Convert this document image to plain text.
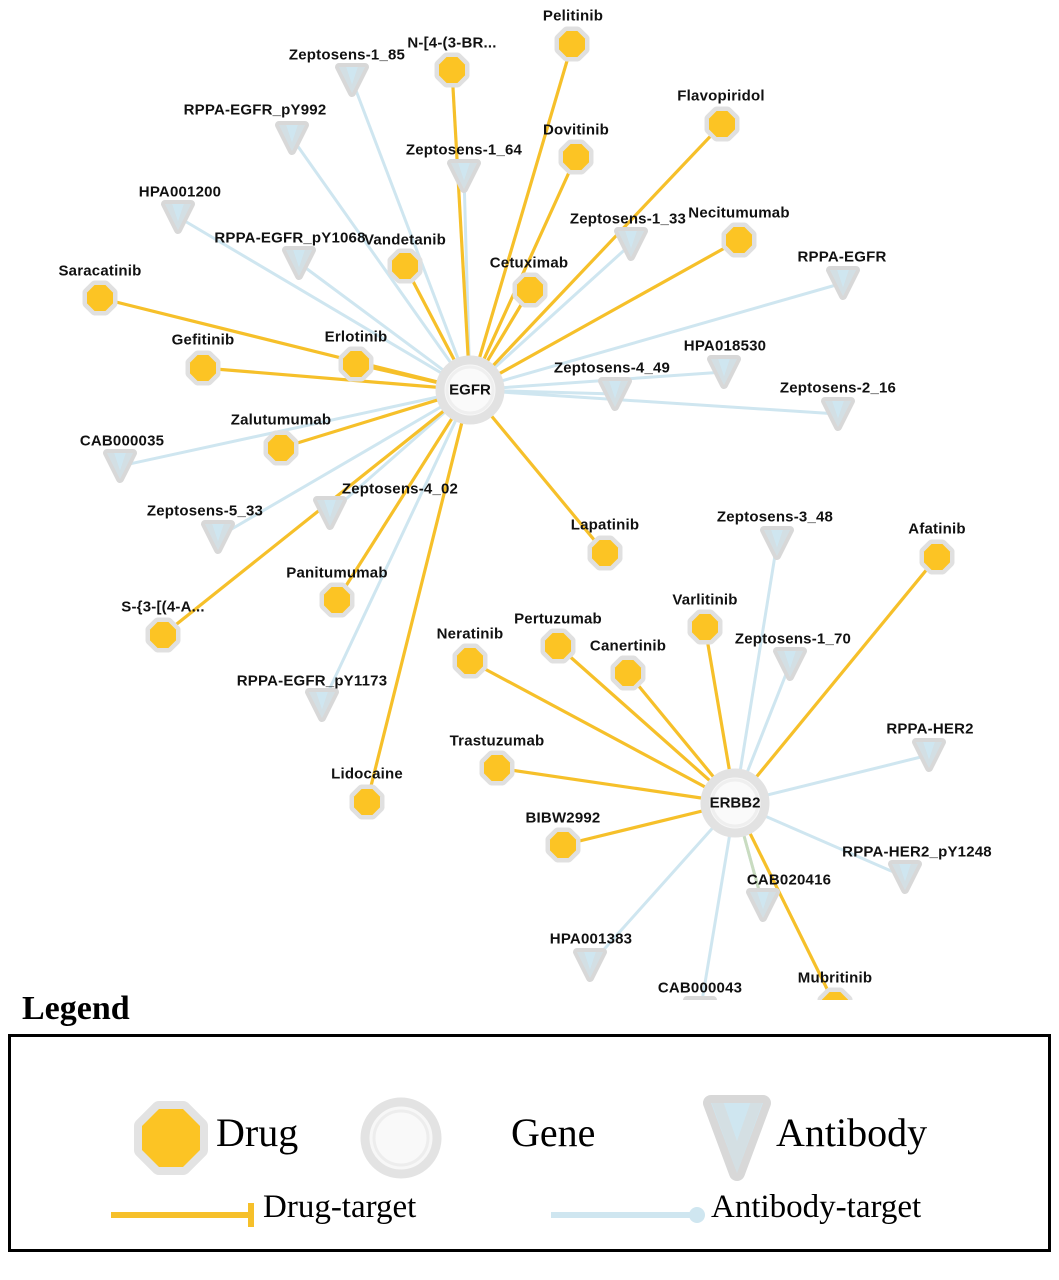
Pelitinib
N-[4-(3-BR...
Flavopiridol
Dovitinib
Vandetanib
Cetuximab
Necitumumab
Saracatinib
Gefitinib	Erlotinib
Zalutumumab
Panitumumab
S-{3-[(4-A...
Lidocaine
Lapatinib
Varlitinib
Afatinib
Pertuzumab
Canertinib
Neratinib
Trastuzumab
BIBW2992
Mubritinib
Zeptosens-1_85
RPPA-EGFR_pY992
Zeptosens-1_64
HPA001200
RPPA-EGFR_pY1068
Zeptosens-1_33
RPPA-EGFR
HPA018530
Zeptosens-4_49
Zeptosens-2_16
CAB000035
Zeptosens-5_33
Zeptosens-4_02
RPPA-EGFR_pY1173
Zeptosens-3_48
Zeptosens-1_70
RPPA-HER2
RPPA-HER2_pY1248
CAB020416
CAB000043
HPA001383
EGFR
ERBB2
Legend
Drug	Gene	Antibody
Drug-target	Antibody-target
